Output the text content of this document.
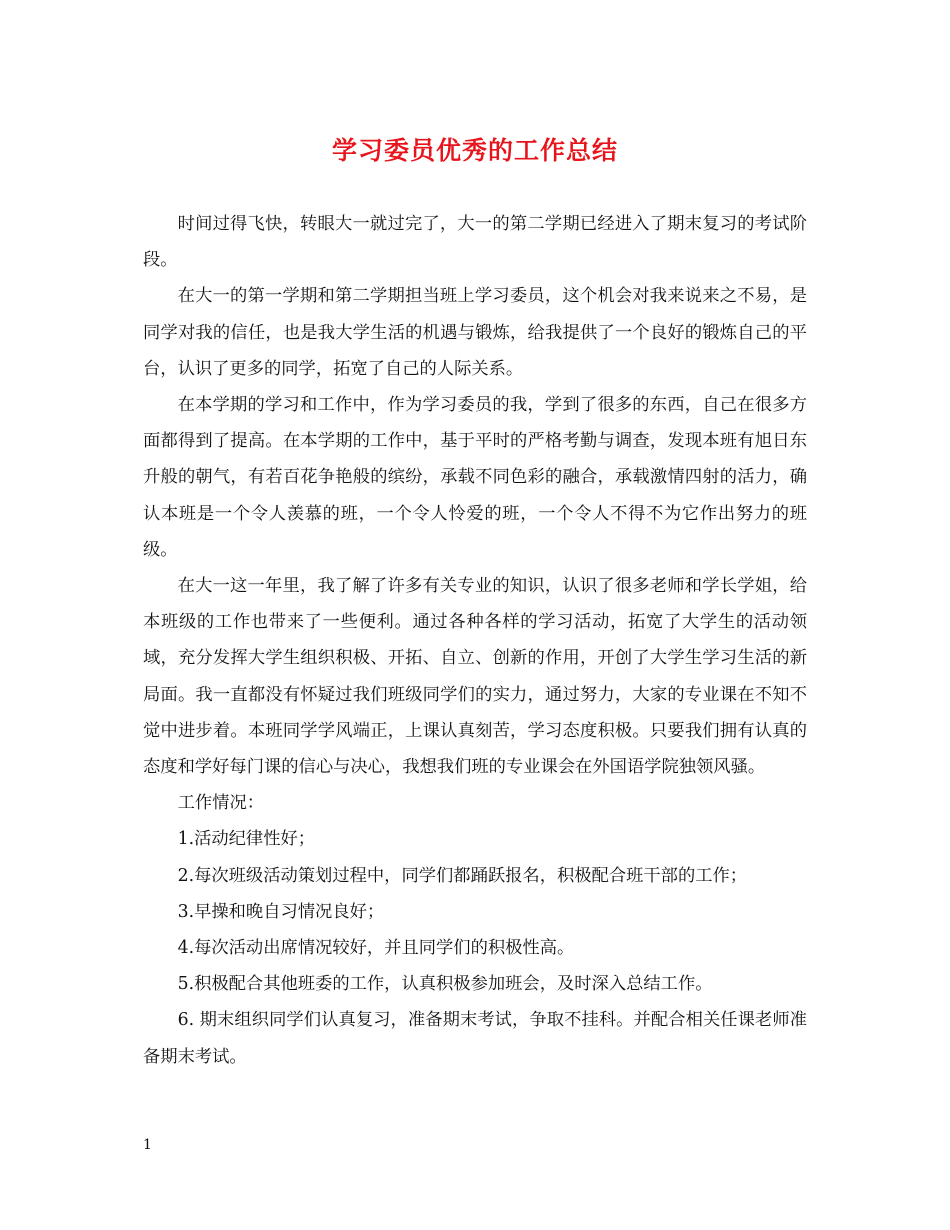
学习委员优秀的工作总结

时间过得飞快，转眼大一就过完了，大一的第二学期已经进入了期末复习的考试阶段。

在大一的第一学期和第二学期担当班上学习委员，这个机会对我来说来之不易，是同学对我的信任，也是我大学生活的机遇与锻炼，给我提供了一个良好的锻炼自己的平台，认识了更多的同学，拓宽了自己的人际关系。

在本学期的学习和工作中，作为学习委员的我，学到了很多的东西，自己在很多方面都得到了提高。在本学期的工作中，基于平时的严格考勤与调查，发现本班有旭日东升般的朝气，有若百花争艳般的缤纷，承载不同色彩的融合，承载激情四射的活力，确认本班是一个令人羡慕的班，一个令人怜爱的班，一个令人不得不为它作出努力的班级。

在大一这一年里，我了解了许多有关专业的知识，认识了很多老师和学长学姐，给本班级的工作也带来了一些便利。通过各种各样的学习活动，拓宽了大学生的活动领域，充分发挥大学生组织积极、开拓、自立、创新的作用，开创了大学生学习生活的新局面。我一直都没有怀疑过我们班级同学们的实力，通过努力，大家的专业课在不知不觉中进步着。本班同学学风端正，上课认真刻苦，学习态度积极。只要我们拥有认真的态度和学好每门课的信心与决心，我想我们班的专业课会在外国语学院独领风骚。

工作情况：

1.活动纪律性好；

2.每次班级活动策划过程中，同学们都踊跃报名，积极配合班干部的工作；

3.早操和晚自习情况良好；

4.每次活动出席情况较好，并且同学们的积极性高。

5.积极配合其他班委的工作，认真积极参加班会，及时深入总结工作。

6. 期末组织同学们认真复习，准备期末考试，争取不挂科。并配合相关任课老师准备期末考试。

1
